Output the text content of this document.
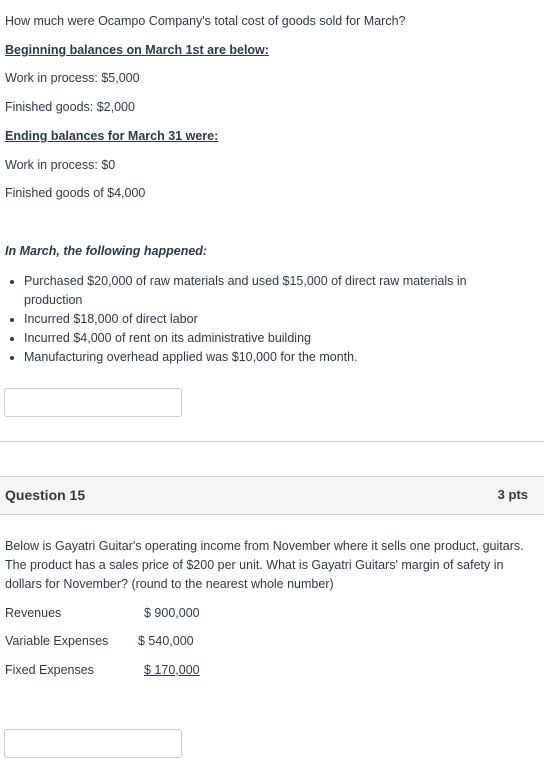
How much were Ocampo Company's total cost of goods sold for March?
Beginning balances on March 1st are below:
Work in process: $5,000
Finished goods: $2,000
Ending balances for March 31 were:
Work in process: $0
Finished goods of $4,000
In March, the following happened:
• Purchased $20,000 of raw materials and used $15,000 of direct raw materials in production
• Incurred $18,000 of direct labor
• Incurred $4,000 of rent on its administrative building
• Manufacturing overhead applied was $10,000 for the month.
Question 15	3 pts
Below is Gayatri Guitar's operating income from November where it sells one product, guitars. The product has a sales price of $200 per unit. What is Gayatri Guitars' margin of safety in dollars for November? (round to the nearest whole number)
Revenues	$ 900,000
Variable Expenses $ 540,000
Fixed Expenses	$ 170,000
